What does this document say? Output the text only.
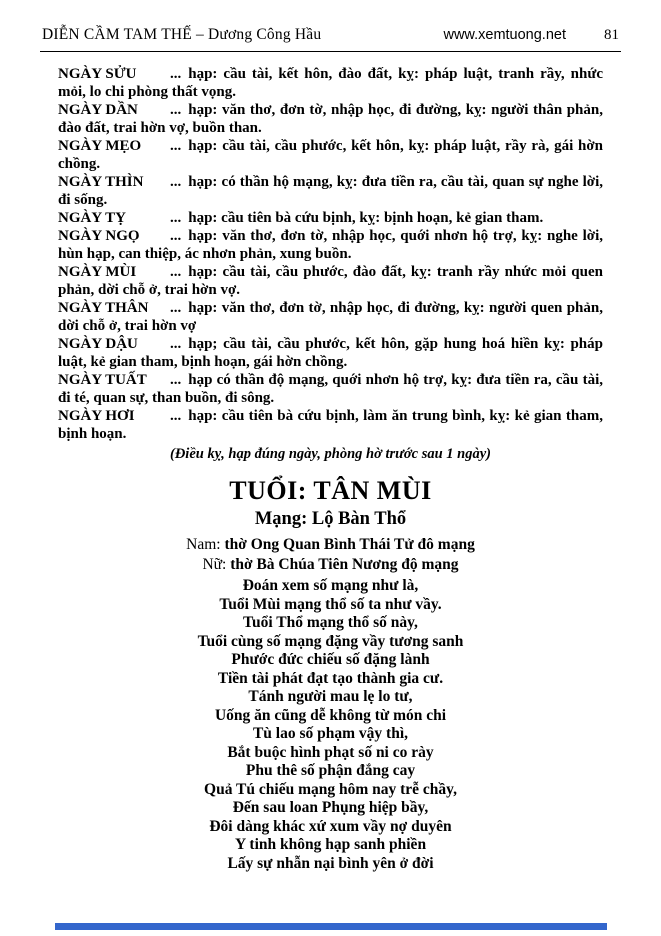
DIỄN CẦM TAM THẾ – Dương Công Hầu	www.xemtuong.net	81

NGÀY SỬU ... hạp: cầu tài, kết hôn, đào đất, kỵ: pháp luật, tranh rầy, nhức mỏi, lo chi phòng thất vọng.

NGÀY DẦN ... hạp: văn thơ, đơn tờ, nhập học, đi đường, kỵ: người thân phản, đào đất, trai hờn vợ, buồn than.

NGÀY MẸO ... hạp: cầu tài, cầu phước, kết hôn, kỵ: pháp luật, rầy rà, gái hờn chồng.

NGÀY THÌN ... hạp: có thần hộ mạng, kỵ: đưa tiền ra, cầu tài, quan sự nghe lời, đi sống.

NGÀY TỴ	... hạp: cầu tiên bà cứu bịnh, kỵ: bịnh hoạn, kẻ gian tham.

NGÀY NGỌ ... hạp: văn thơ, đơn tờ, nhập học, quới nhơn hộ trợ, kỵ: nghe lời, hùn hạp, can thiệp, ác nhơn phản, xung buồn.

NGÀY MÙI ... hạp: cầu tài, cầu phước, đào đất, kỵ: tranh rầy nhức mỏi quen phản, dời chỗ ở, trai hờn vợ.

NGÀY THÂN ... hạp: văn thơ, đơn tờ, nhập học, đi đường, kỵ: người quen phản, dời chỗ ở, trai hờn vợ

NGÀY DẬU ... hạp; cầu tài, cầu phước, kết hôn, gặp hung hoá hiền kỵ: pháp luật, kẻ gian tham, bịnh hoạn, gái hờn chồng.

NGÀY TUẤT ... hạp có thần độ mạng, quới nhơn hộ trợ, kỵ: đưa tiền ra, cầu tài, đi té, quan sự, than buồn, đi sông.

NGÀY HƠI ... hạp: cầu tiên bà cứu bịnh, làm ăn trung bình, kỵ: kẻ gian tham, bịnh hoạn.

(Điều kỵ, hạp đúng ngày, phòng hờ trước sau 1 ngày)

TUỔI: TÂN MÙI
Mạng: Lộ Bàn Thổ

Nam: thờ Ong Quan Bình Thái Tử đô mạng

Nữ: thờ Bà Chúa Tiên Nương độ mạng

Đoán xem số mạng như là,

Tuổi Mùi mạng thổ số ta như vầy.

Tuổi Thổ mạng thổ số này,

Tuổi cùng số mạng đặng vầy tương sanh

Phước đức chiếu số đặng lành

Tiền tài phát đạt tạo thành gia cư.

Tánh người mau lẹ lo tư,

Uống ăn cũng dễ không từ món chi

Tù lao số phạm vậy thì,

Bắt buộc hình phạt số ni co rày

Phu thê số phận đắng cay

Quả Tú chiếu mạng hôm nay trễ chầy,

Đến sau loan Phụng hiệp bầy,

Đôi dàng khác xứ xum vầy nợ duyên

Y tinh không hạp sanh phiền

Lấy sự nhẫn nại bình yên ở đời
